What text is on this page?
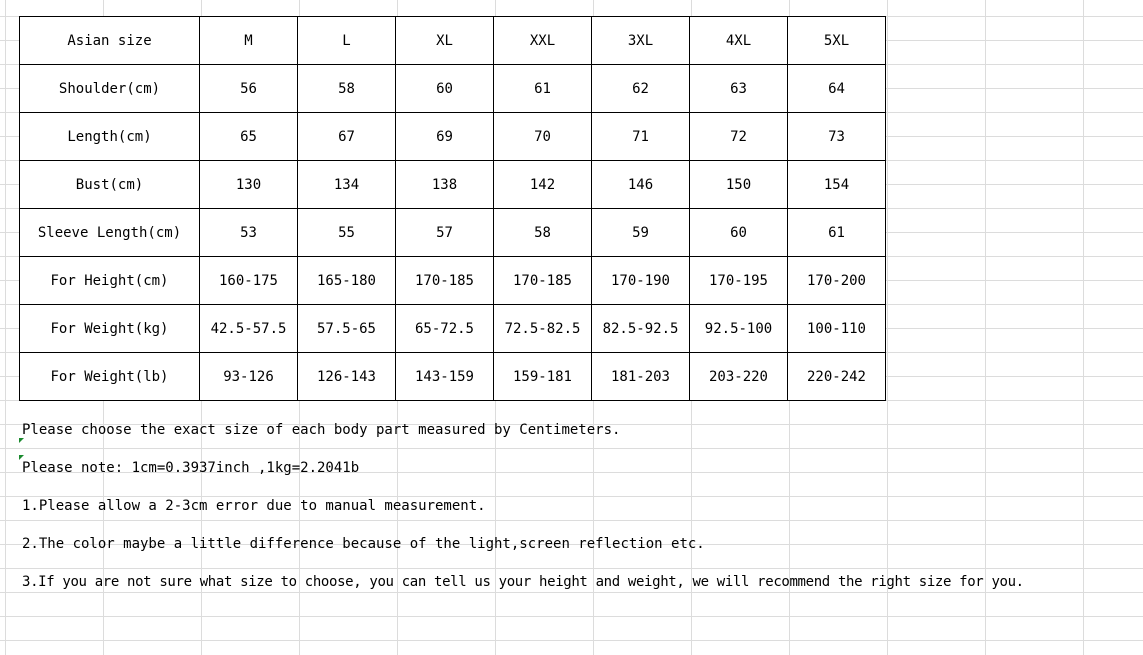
Asian size	M	L	XL	XXL	3XL	4XL	5XL
Shoulder(cm)	56	58	60	61	62	63	64
Length(cm)	65	67	69	70	71	72	73
Bust(cm)	130	134	138	142	146	150	154
Sleeve Length(cm)	53	55	57	58	59	60	61
For Height(cm)	160-175	165-180	170-185	170-185	170-190	170-195	170-200
For Weight(kg)	42.5-57.5	57.5-65	65-72.5	72.5-82.5	82.5-92.5	92.5-100	100-110
For Weight(lb)	93-126	126-143	143-159	159-181	181-203	203-220	220-242
Please choose the exact size of each body part measured by Centimeters.
Please note: 1cm=0.3937inch ,1kg=2.2041b
1.Please allow a 2-3cm error due to manual measurement.
2.The color maybe a little difference because of the light,screen reflection etc.
3.If you are not sure what size to choose, you can tell us your height and weight, we will recommend the right size for you.
